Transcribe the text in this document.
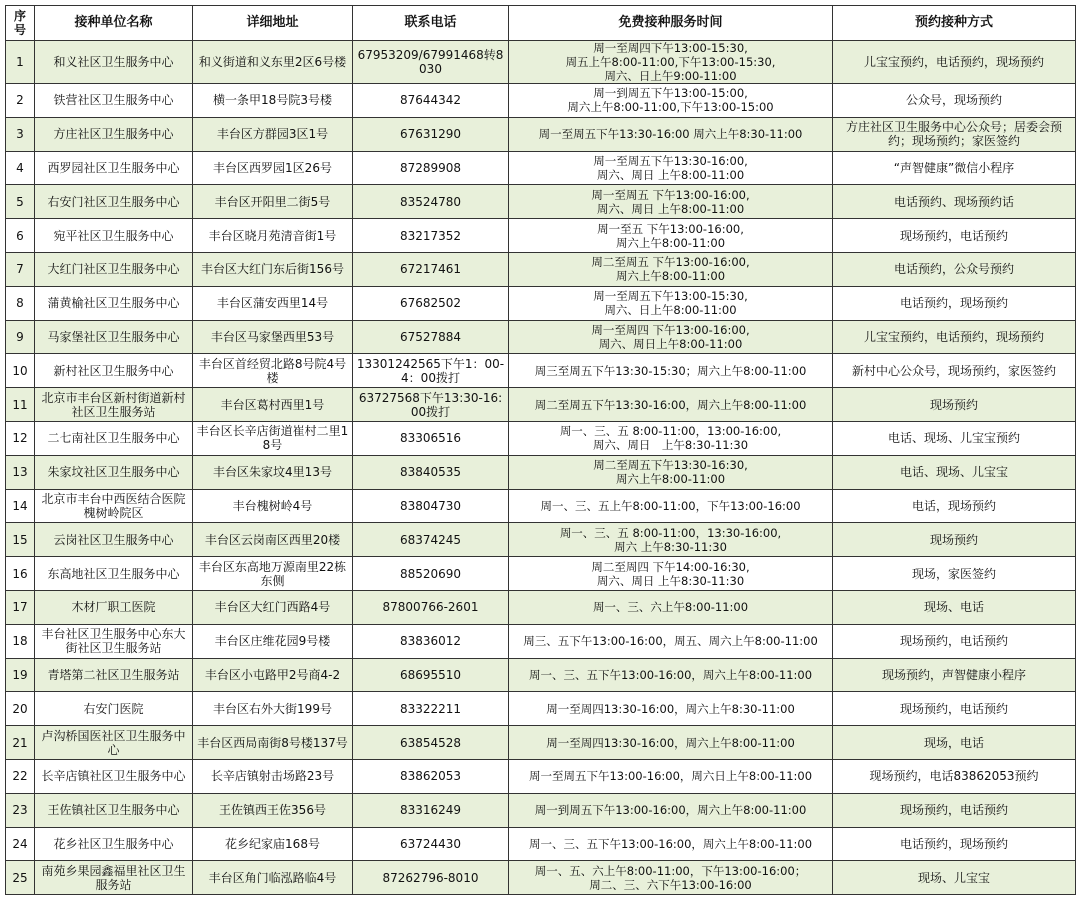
序号	接种单位名称	详细地址	联系电话	免费接种服务时间	预约接种方式
1	和义社区卫生服务中心	和义街道和义东里2区6号楼	67953209/67991468转8030	周一至周四下午13:00-15:30,
周五上午8:00-11:00,下午13:00-15:30,
周六、日上午9:00-11:00	儿宝宝预约，电话预约，现场预约
2	铁营社区卫生服务中心	横一条甲18号院3号楼	87644342	周一到周五下午13:00-15:00,
周六上午8:00-11:00,下午13:00-15:00	公众号，现场预约
3	方庄社区卫生服务中心	丰台区方群园3区1号	67631290	周一至周五下午13:30-16:00 周六上午8:30-11:00	方庄社区卫生服务中心公众号；居委会预约；现场预约；家医签约
4	西罗园社区卫生服务中心	丰台区西罗园1区26号	87289908	周一至周五下午13:30-16:00,
周六、周日 上午8:00-11:00	“声智健康”微信小程序
5	右安门社区卫生服务中心	丰台区开阳里二街5号	83524780	周一至周五 下午13:00-16:00,
周六、周日 上午8:00-11:00	电话预约、现场预约话
6	宛平社区卫生服务中心	丰台区晓月苑清音街1号	83217352	周一至五 下午13:00-16:00,
周六上午8:00-11:00	现场预约，电话预约
7	大红门社区卫生服务中心	丰台区大红门东后街156号	67217461	周二至周五 下午13:00-16:00,
周六上午8:00-11:00	电话预约，公众号预约
8	蒲黄榆社区卫生服务中心	丰台区蒲安西里14号	67682502	周一至周五下午13:00-15:30,
周六、日上午8:00-11:00	电话预约，现场预约
9	马家堡社区卫生服务中心	丰台区马家堡西里53号	67527884	周一至周四 下午13:00-16:00,
周六、周日上午8:00-11:00	儿宝宝预约，电话预约，现场预约
10	新村社区卫生服务中心	丰台区首经贸北路8号院4号楼	13301242565下午1：00-4：00拨打	周三至周五下午13:30-15:30；周六上午8:00-11:00	新村中心公众号，现场预约，家医签约
11	北京市丰台区新村街道新村社区卫生服务站	丰台区葛村西里1号	63727568下午13:30-16:00拨打	周二至周五下午13:30-16:00，周六上午8:00-11:00	现场预约
12	二七南社区卫生服务中心	丰台区长辛店街道崔村二里18号	83306516	周一、三、五 8:00-11:00，13:00-16:00,
周六、周日　上午8:30-11:30	电话、现场、儿宝宝预约
13	朱家坟社区卫生服务中心	丰台区朱家坟4里13号	83840535	周二至周五下午13:30-16:30,
周六上午8:00-11:00	电话、现场、儿宝宝
14	北京市丰台中西医结合医院槐树岭院区	丰台槐树岭4号	83804730	周一、三、五上午8:00-11:00，下午13:00-16:00	电话，现场预约
15	云岗社区卫生服务中心	丰台区云岗南区西里20楼	68374245	周一、三、五 8:00-11:00，13:30-16:00,
周六 上午8:30-11:30	现场预约
16	东高地社区卫生服务中心	丰台区东高地万源南里22栋东侧	88520690	周二至周四 下午14:00-16:30,
周六、周日 上午8:30-11:30	现场，家医签约
17	木材厂职工医院	丰台区大红门西路4号	87800766-2601	周一、三、六上午8:00-11:00	现场、电话
18	丰台社区卫生服务中心东大街社区卫生服务站	丰台区庄维花园9号楼	83836012	周三、五下午13:00-16:00，周五、周六上午8:00-11:00	现场预约，电话预约
19	青塔第二社区卫生服务站	丰台区小屯路甲2号商4-2	68695510	周一、三、五下午13:00-16:00，周六上午8:00-11:00	现场预约，声智健康小程序
20	右安门医院	丰台区右外大街199号	83322211	周一至周四13:30-16:00，周六上午8:30-11:00	现场预约，电话预约
21	卢沟桥国医社区卫生服务中心	丰台区西局南街8号楼137号	63854528	周一至周四13:30-16:00，周六上午8:00-11:00	现场，电话
22	长辛店镇社区卫生服务中心	长辛店镇射击场路23号	83862053	周一至周五下午13:00-16:00，周六日上午8:00-11:00	现场预约，电话83862053预约
23	王佐镇社区卫生服务中心	王佐镇西王佐356号	83316249	周一到周五下午13:00-16:00，周六上午8:00-11:00	现场预约，电话预约
24	花乡社区卫生服务中心	花乡纪家庙168号	63724430	周一、三、五下午13:00-16:00，周六上午8:00-11:00	电话预约，现场预约
25	南苑乡果园鑫福里社区卫生服务站	丰台区角门临泓路临4号	87262796-8010	周一、五、六上午8:00-11:00，下午13:00-16:00；
周二、三、六下午13:00-16:00	现场、儿宝宝
